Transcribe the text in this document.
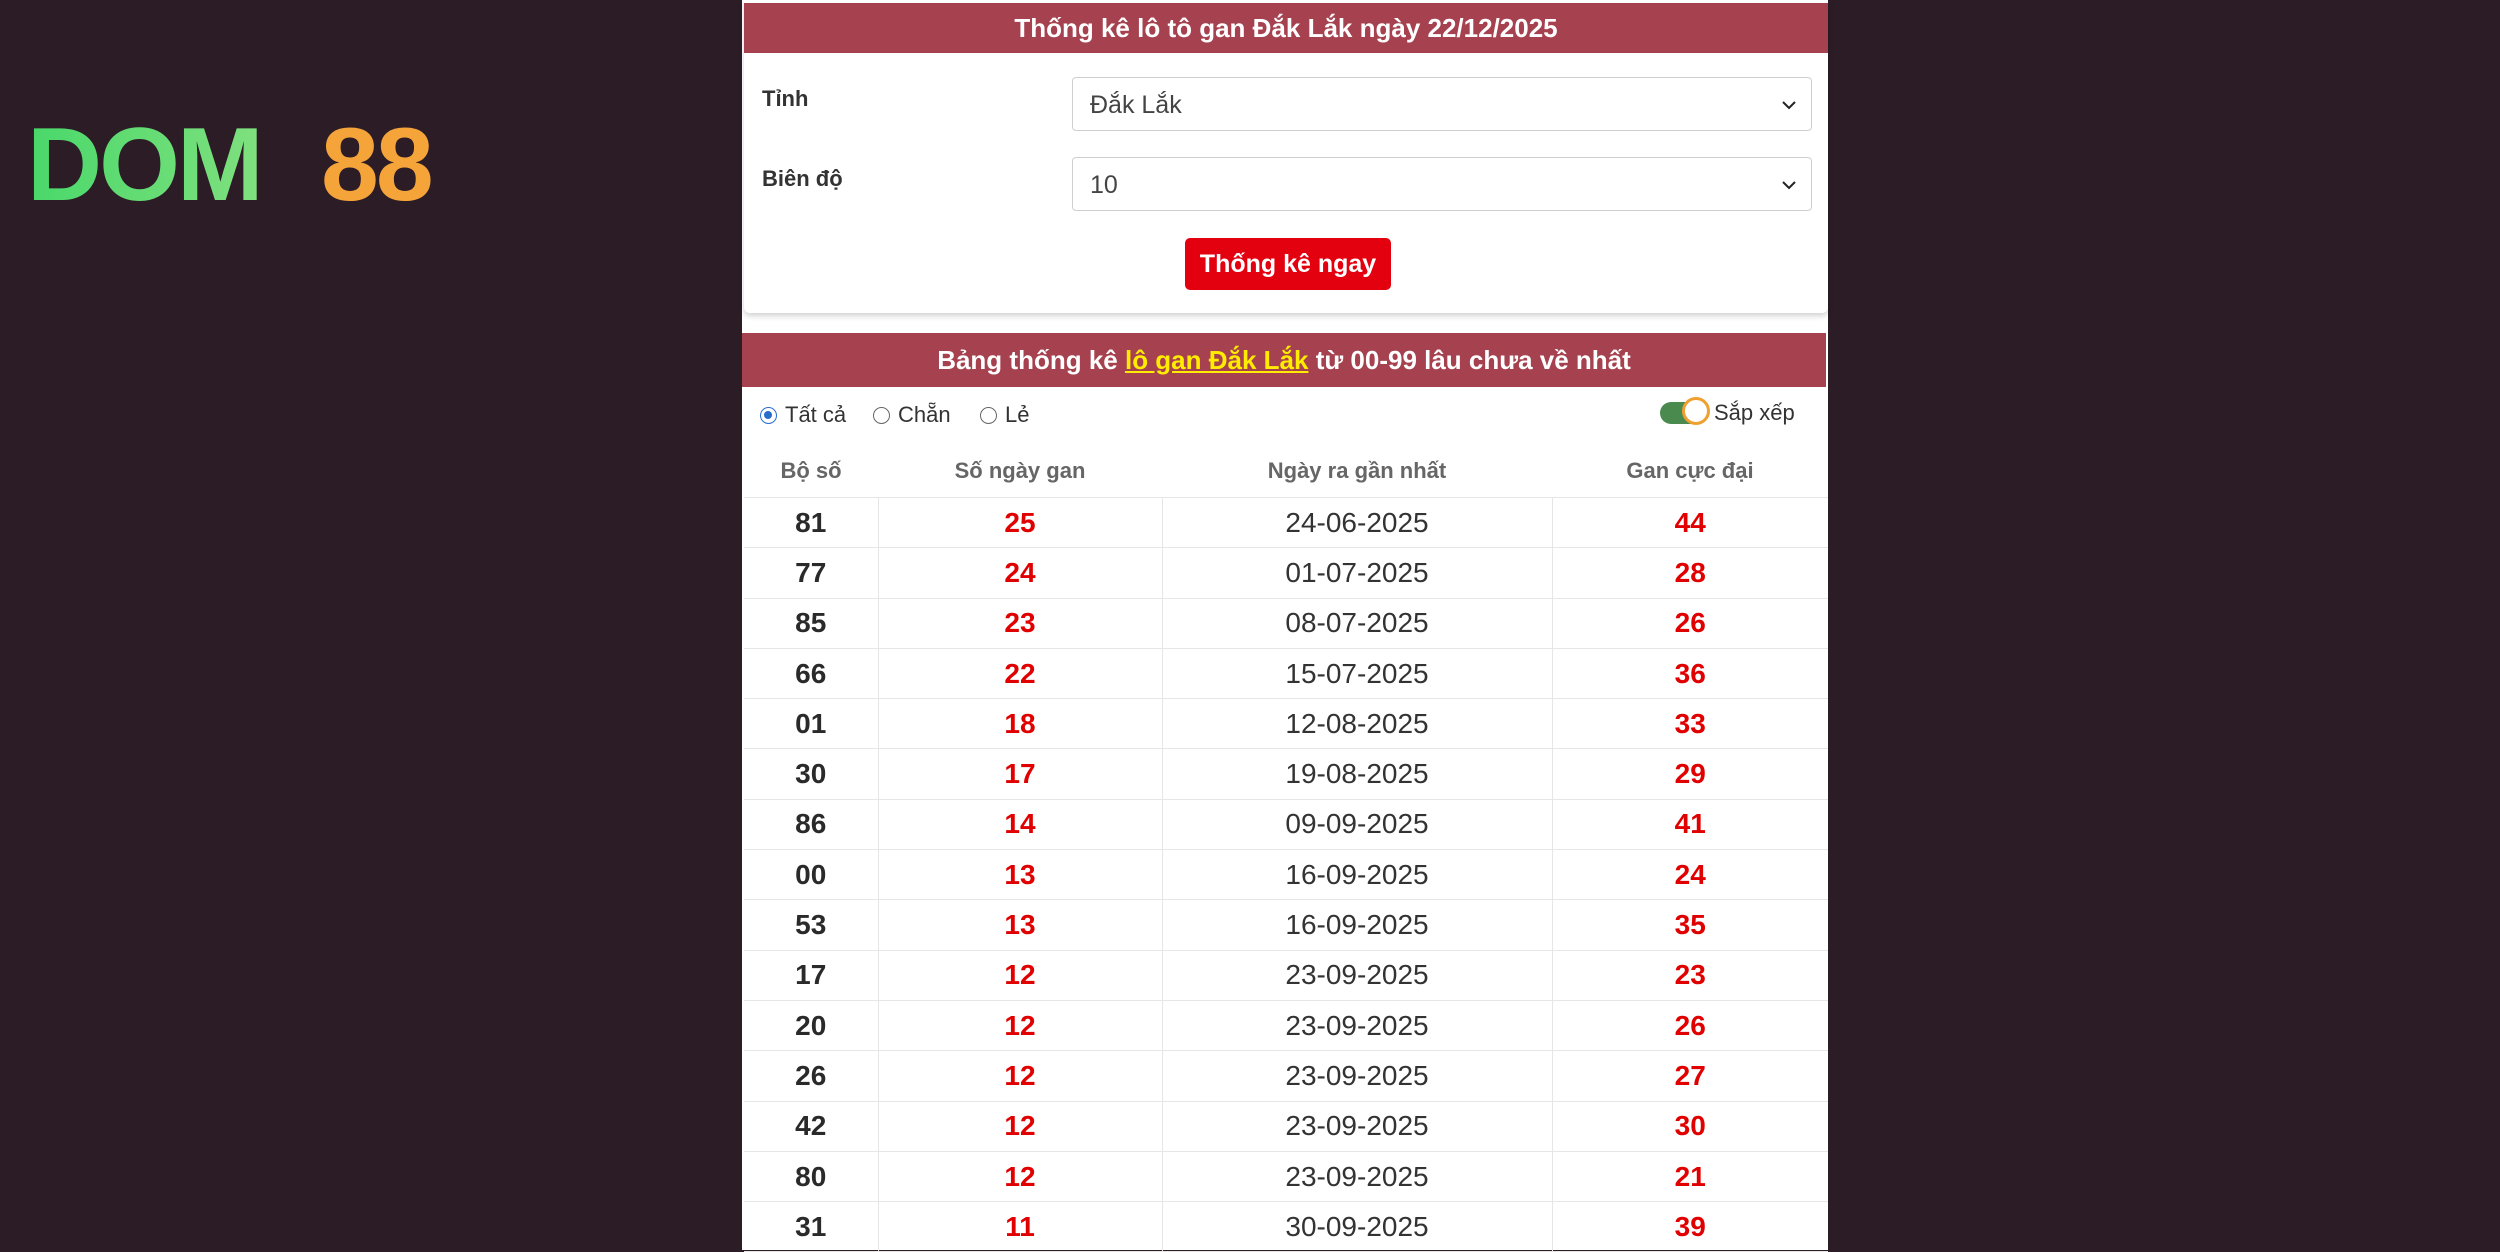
DOM 88
Thống kê lô tô gan Đắk Lắk ngày 22/12/2025
Tỉnh	Đắk Lắk
Biên độ	10
Thống kê ngay
Bảng thống kê lô gan Đắk Lắk từ 00-99 lâu chưa về nhất
Tất cả Chẵn Lẻ	Sắp xếp
Bộ số	Số ngày gan	Ngày ra gần nhất	Gan cực đại
81	25	24-06-2025	44
77	24	01-07-2025	28
85	23	08-07-2025	26
66	22	15-07-2025	36
01	18	12-08-2025	33
30	17	19-08-2025	29
86	14	09-09-2025	41
00	13	16-09-2025	24
53	13	16-09-2025	35
17	12	23-09-2025	23
20	12	23-09-2025	26
26	12	23-09-2025	27
42	12	23-09-2025	30
80	12	23-09-2025	21
31	11	30-09-2025	39
